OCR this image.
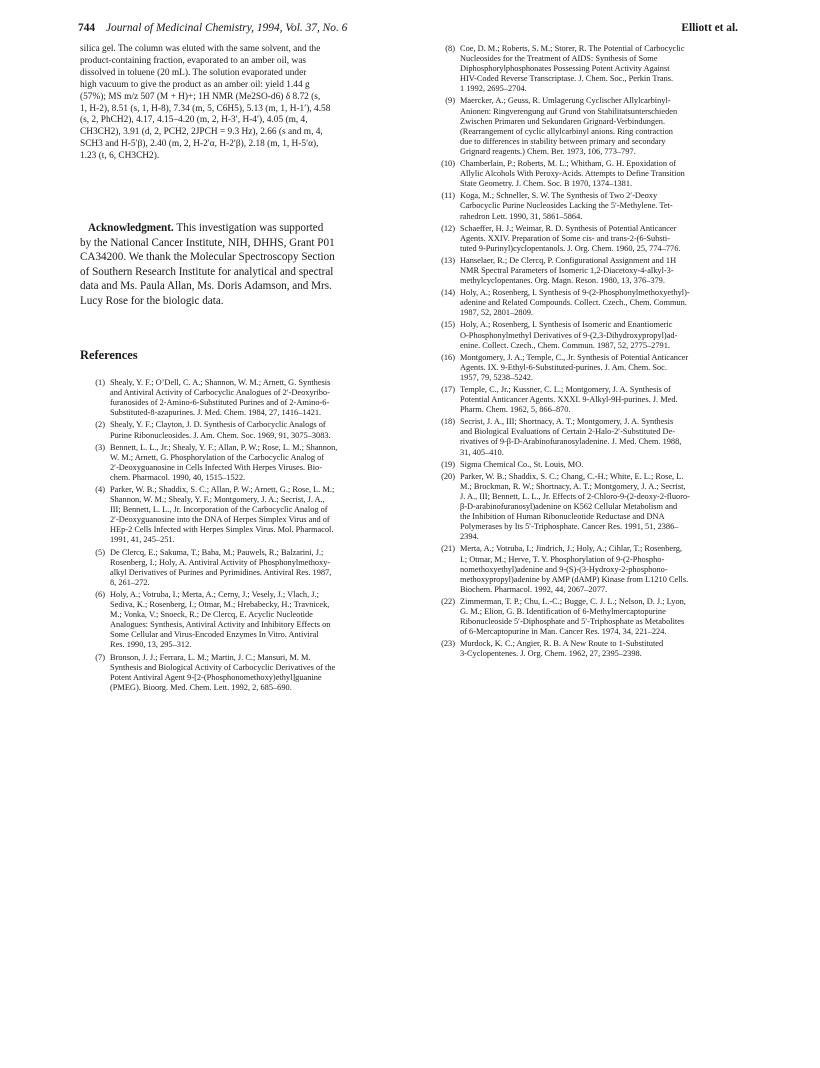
744 Journal of Medicinal Chemistry, 1994, Vol. 37, No. 6	Elliott et al.
silica gel. The column was eluted with the same solvent, and the
product-containing fraction, evaporated to an amber oil, was
dissolved in toluene (20 mL). The solution evaporated under
high vacuum to give the product as an amber oil: yield 1.44 g
(57%); MS m/z 507 (M + H)+; 1H NMR (Me2SO-d6) δ 8.72 (s,
1, H-2), 8.51 (s, 1, H-8), 7.34 (m, 5, C6H5), 5.13 (m, 1, H-1′), 4.58
(s, 2, PhCH2), 4.17, 4.15–4.20 (m, 2, H-3′, H-4′), 4.05 (m, 4,
CH3CH2), 3.91 (d, 2, PCH2, 2JPCH = 9.3 Hz), 2.66 (s and m, 4,
SCH3 and H-5′β), 2.40 (m, 2, H-2′α, H-2′β), 2.18 (m, 1, H-5′α),
1.23 (t, 6, CH3CH2).
Acknowledgment. This investigation was supported
by the National Cancer Institute, NIH, DHHS, Grant P01
CA34200. We thank the Molecular Spectroscopy Section
of Southern Research Institute for analytical and spectral
data and Ms. Paula Allan, Ms. Doris Adamson, and Mrs.
Lucy Rose for the biologic data.
References
(1) Shealy, Y. F.; O’Dell, C. A.; Shannon, W. M.; Arnett, G. Synthesis
and Antiviral Activity of Carbocyclic Analogues of 2′-Deoxyribo-
furanosides of 2-Amino-6-Substituted Purines and of 2-Amino-6-
Substituted-8-azapurines. J. Med. Chem. 1984, 27, 1416–1421.
(2) Shealy, Y. F.; Clayton, J. D. Synthesis of Carbocyclic Analogs of
Purine Ribonucleosides. J. Am. Chem. Soc. 1969, 91, 3075–3083.
(3) Bennett, L. L., Jr.; Shealy, Y. F.; Allan, P. W.; Rose, L. M.; Shannon,
W. M.; Arnett, G. Phosphorylation of the Carbocyclic Analog of
2′-Deoxyguanosine in Cells Infected With Herpes Viruses. Bio-
chem. Pharmacol. 1990, 40, 1515–1522.
(4) Parker, W. B.; Shaddix, S. C.; Allan, P. W.; Arnett, G.; Rose, L. M.;
Shannon, W. M.; Shealy, Y. F.; Montgomery, J. A.; Secrist, J. A.,
III; Bennett, L. L., Jr. Incorporation of the Carbocyclic Analog of
2′-Deoxyguanosine into the DNA of Herpes Simplex Virus and of
HEp-2 Cells Infected with Herpes Simplex Virus. Mol. Pharmacol.
1991, 41, 245–251.
(5) De Clercq, E.; Sakuma, T.; Baba, M.; Pauwels, R.; Balzarini, J.;
Rosenberg, I.; Holy, A. Antiviral Activity of Phosphonylmethoxy-
alkyl Derivatives of Purines and Pyrimidines. Antiviral Res. 1987,
8, 261–272.
(6) Holy, A.; Votruba, I.; Merta, A.; Cerny, J.; Vesely, J.; Vlach, J.;
Sediva, K.; Rosenberg, I.; Otmar, M.; Hrebabecky, H.; Travnicek,
M.; Vonka, V.; Snoeck, R.; De Clercq, E. Acyclic Nucleotide
Analogues: Synthesis, Antiviral Activity and Inhibitory Effects on
Some Cellular and Virus-Encoded Enzymes In Vitro. Antiviral
Res. 1990, 13, 295–312.
(7) Bronson, J. J.; Ferrara, L. M.; Martin, J. C.; Mansuri, M. M.
Synthesis and Biological Activity of Carbocyclic Derivatives of the
Potent Antiviral Agent 9-[2-(Phosphonomethoxy)ethyl]guanine
(PMEG). Bioorg. Med. Chem. Lett. 1992, 2, 685–690.
(8) Coe, D. M.; Roberts, S. M.; Storer, R. The Potential of Carbocyclic
Nucleosides for the Treatment of AIDS: Synthesis of Some
Diphosphorylphosphonates Possessing Potent Activity Against
HIV-Coded Reverse Transcriptase. J. Chem. Soc., Perkin Trans.
1 1992, 2695–2704.
(9) Maercker, A.; Geuss, R. Umlagerung Cyclischer Allylcarbinyl-
Anionen: Ringverengung auf Grund von Stabilitatsunterschieden
Zwischen Primaren und Sekundaren Grignard-Verbindungen.
(Rearrangement of cyclic allylcarbinyl anions. Ring contraction
due to differences in stability between primary and secondary
Grignard reagents.) Chem. Ber. 1973, 106, 773–797.
(10) Chamberlain, P.; Roberts, M. L.; Whitham, G. H. Epoxidation of
Allylic Alcohols With Peroxy-Acids. Attempts to Define Transition
State Geometry. J. Chem. Soc. B 1970, 1374–1381.
(11) Koga, M.; Schneller, S. W. The Synthesis of Two 2′-Deoxy
Carbocyclic Purine Nucleosides Lacking the 5′-Methylene. Tet-
rahedron Lett. 1990, 31, 5861–5864.
(12) Schaeffer, H. J.; Weimar, R. D. Synthesis of Potential Anticancer
Agents. XXIV. Preparation of Some cis- and trans-2-(6-Substi-
tuted 9-Purinyl)cyclopentanols. J. Org. Chem. 1960, 25, 774–776.
(13) Hanselaer, R.; De Clercq, P. Configurational Assignment and 1H
NMR Spectral Parameters of Isomeric 1,2-Diacetoxy-4-alkyl-3-
methylcyclopentanes. Org. Magn. Reson. 1980, 13, 376–379.
(14) Holy, A.; Rosenberg, I. Synthesis of 9-(2-Phosphonylmethoxyethyl)-
adenine and Related Compounds. Collect. Czech., Chem. Commun.
1987, 52, 2801–2809.
(15) Holy, A.; Rosenberg, I. Synthesis of Isomeric and Enantiomeric
O-Phosphonylmethyl Derivatives of 9-(2,3-Dihydroxypropyl)ad-
enine. Collect. Czech., Chem. Commun. 1987, 52, 2775–2791.
(16) Montgomery, J. A.; Temple, C., Jr. Synthesis of Potential Anticancer
Agents. IX. 9-Ethyl-6-Substituted-purines. J. Am. Chem. Soc.
1957, 79, 5238–5242.
(17) Temple, C., Jr.; Kussner, C. L.; Montgomery, J. A. Synthesis of
Potential Anticancer Agents. XXXI. 9-Alkyl-9H-purines. J. Med.
Pharm. Chem. 1962, 5, 866–870.
(18) Secrist, J. A., III; Shortnacy, A. T.; Montgomery, J. A. Synthesis
and Biological Evaluations of Certain 2-Halo-2′-Substituted De-
rivatives of 9-β-D-Arabinofuranosyladenine. J. Med. Chem. 1988,
31, 405–410.
(19) Sigma Chemical Co., St. Louis, MO.
(20) Parker, W. B.; Shaddix, S. C.; Chang, C.-H.; White, E. L.; Rose, L.
M.; Brockman, R. W.; Shortnacy, A. T.; Montgomery, J. A.; Secrist,
J. A., III; Bennett, L. L., Jr. Effects of 2-Chloro-9-(2-deoxy-2-fluoro-
β-D-arabinofuranosyl)adenine on K562 Cellular Metabolism and
the Inhibition of Human Ribonucleotide Reductase and DNA
Polymerases by Its 5′-Triphosphate. Cancer Res. 1991, 51, 2386–
2394.
(21) Merta, A.; Votruba, I.; Jindrich, J.; Holy, A.; Cihlar, T.; Rosenberg,
I.; Otmar, M.; Herve, T. Y. Phosphorylation of 9-(2-Phospho-
nomethoxyethyl)adenine and 9-(S)-(3-Hydroxy-2-phosphono-
methoxypropyl)adenine by AMP (dAMP) Kinase from L1210 Cells.
Biochem. Pharmacol. 1992, 44, 2067–2077.
(22) Zimmerman, T. P.; Chu, L.-C.; Bugge, C. J. L.; Nelson, D. J.; Lyon,
G. M.; Elion, G. B. Identification of 6-Methylmercaptopurine
Ribonucleoside 5′-Diphosphate and 5′-Triphosphate as Metabolites
of 6-Mercaptopurine in Man. Cancer Res. 1974, 34, 221–224.
(23) Murdock, K. C.; Angier, R. B. A New Route to 1-Substituted
3-Cyclopentenes. J. Org. Chem. 1962, 27, 2395–2398.
